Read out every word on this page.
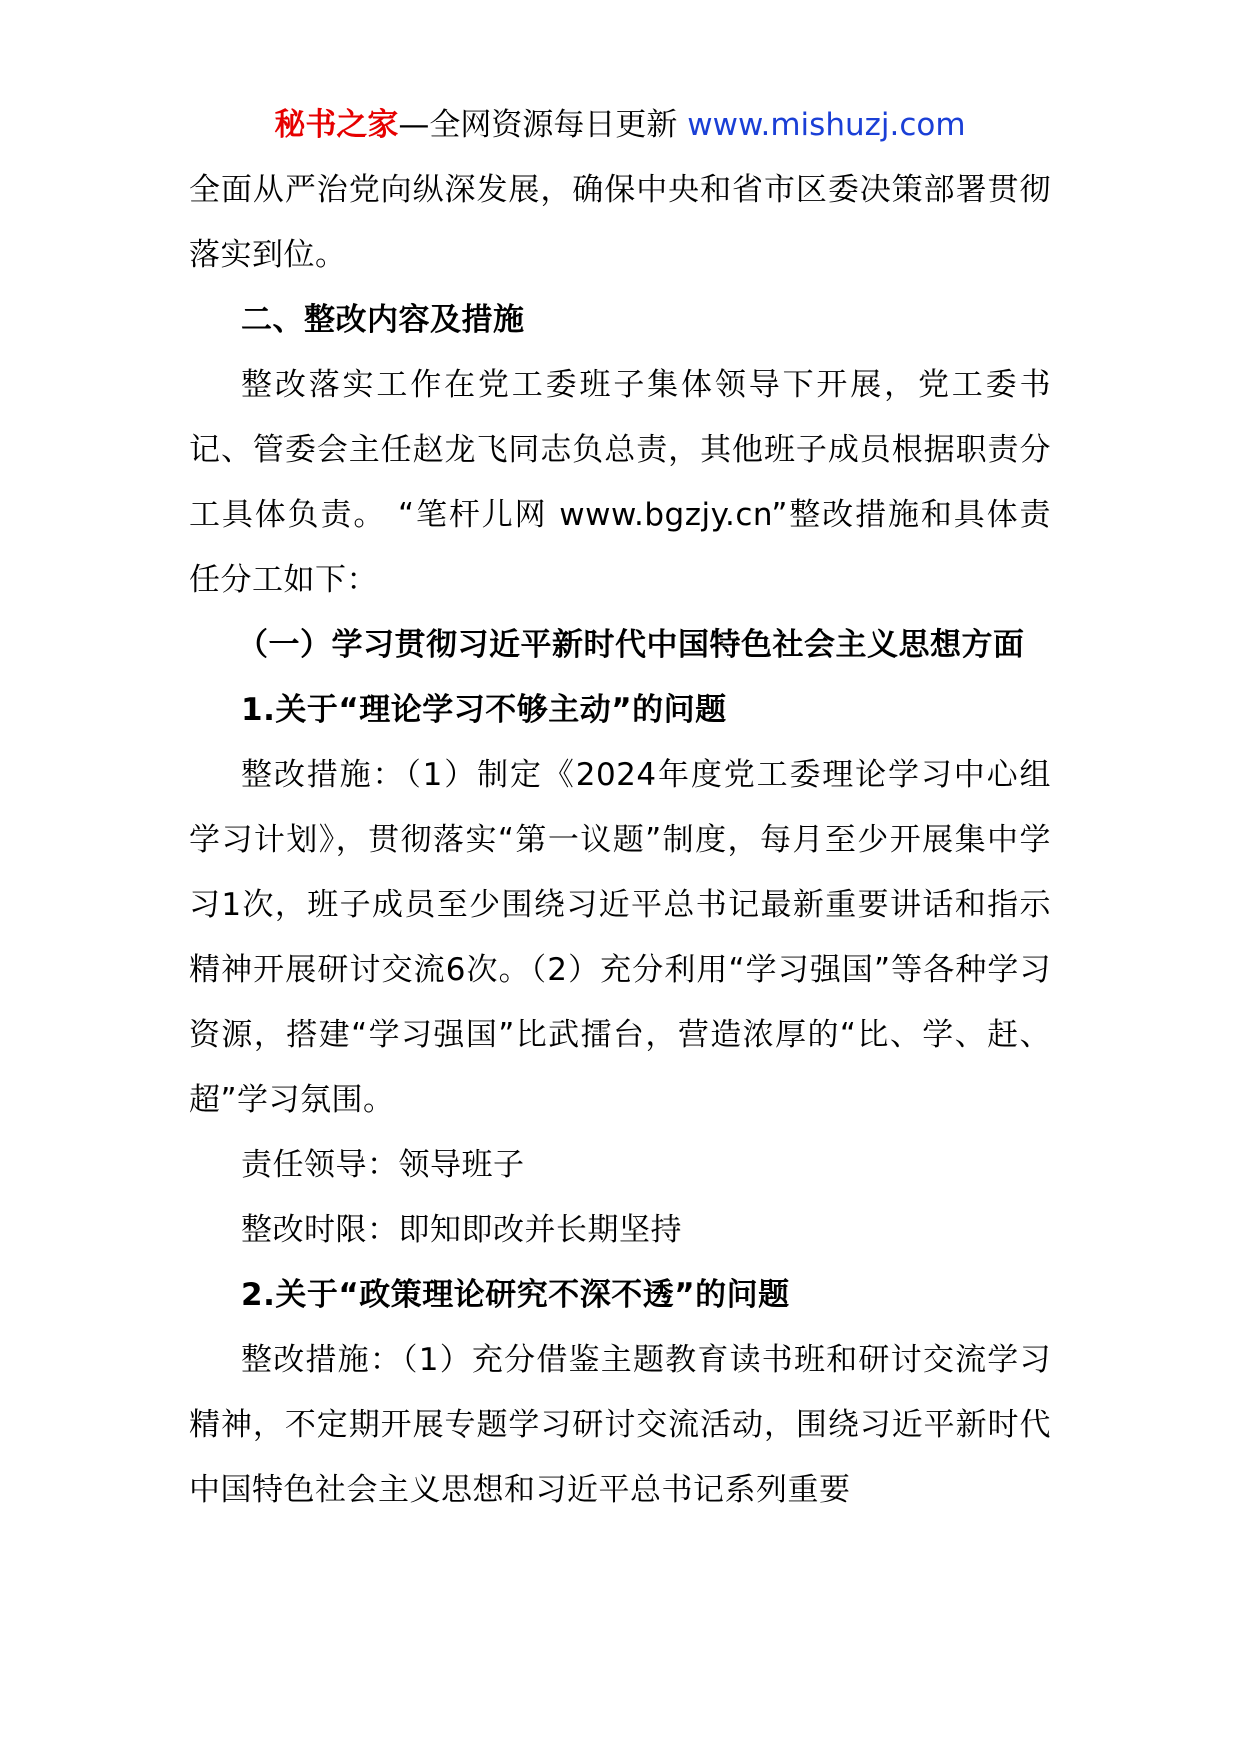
秘书之家—全网资源每日更新 www.mishuzj.com

全面从严治党向纵深发展，确保中央和省市区委决策部署贯彻落实到位。

二、整改内容及措施

整改落实工作在党工委班子集体领导下开展，党工委书记、管委会主任赵龙飞同志负总责，其他班子成员根据职责分工具体负责。 “笔杆儿网 www.bgzjy.cn”整改措施和具体责任分工如下：

（一）学习贯彻习近平新时代中国特色社会主义思想方面

1.关于“理论学习不够主动”的问题

整改措施：（1）制定《2024年度党工委理论学习中心组学习计划》，贯彻落实“第一议题”制度，每月至少开展集中学习1次，班子成员至少围绕习近平总书记最新重要讲话和指示精神开展研讨交流6次。（2）充分利用“学习强国”等各种学习资源，搭建“学习强国”比武擂台，营造浓厚的“比、学、赶、超”学习氛围。

责任领导：领导班子

整改时限：即知即改并长期坚持

2.关于“政策理论研究不深不透”的问题

整改措施：（1）充分借鉴主题教育读书班和研讨交流学习精神，不定期开展专题学习研讨交流活动，围绕习近平新时代中国特色社会主义思想和习近平总书记系列重要
